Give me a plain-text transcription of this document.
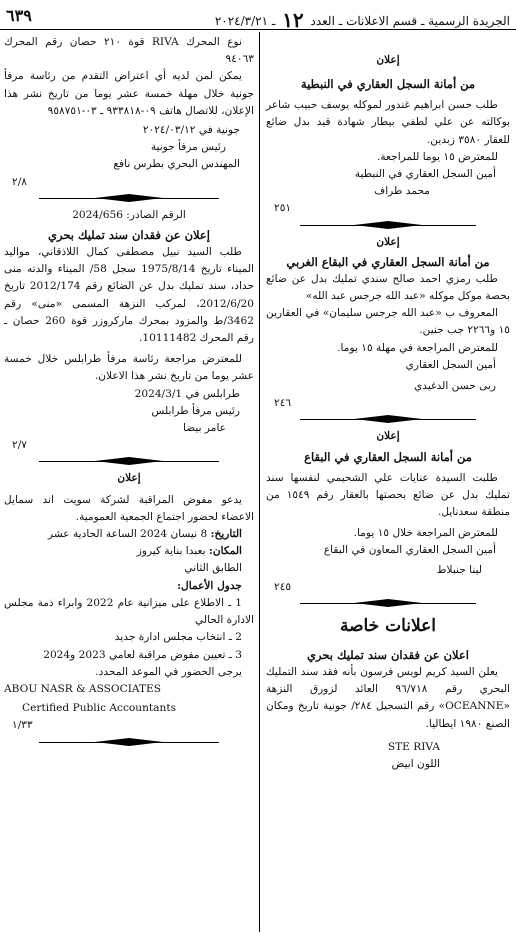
٦٣٩	الجريدة الرسمية ـ قسم الاعلانات ـ العدد ١٢ ـ ٢٠٢٤/٣/٢١

إعلان

من أمانة السجل العقاري في النبطية

طلب حسن ابراهيم غندور لموكله يوسف حبيب شاعر بوكالته عن علي لطفي بيطار شهادة قيد بدل ضائع للعقار ٣٥٨٠ زبدين.

للمعترض ١٥ يوما للمراجعة.

أمين السجل العقاري في النبطية

محمد طراف

٢٥١

إعلان

من أمانة السجل العقاري في البقاع الغربي

طلب رمزي احمد صالح سندي تمليك بدل عن ضائع بحصة موكل موكله «عبد الله جرجس عبد الله»

المعروف ب «عبد الله جرجس سليمان» في العقارين ١٥ و٢٢٦٦ جب جنين.

للمعترض المراجعة في مهلة ١٥ يوما.

أمين السجل العقاري

ربى حسن الدغيدي

٢٤٦

إعلان

من أمانة السجل العقاري في البقاع

طلبت السيدة عنايات علي الشحيمي لنفسها سند تمليك بدل عن ضائع بحصتها بالعقار رقم ١٥٤٩ من منطقة سعدنايل.

للمعترض المراجعة خلال ١٥ يوما.

أمين السجل العقاري المعاون في البقاع

لينا جنبلاط

٢٤٥

اعلانات خاصة

اعلان عن فقدان سند تمليك بحري

يعلن السيد كريم لويس فرسون بأنه فقد سند التمليك البحري رقم ٩٦/٧١٨ العائد لزورق النزهة «OCEANNE» رقم التسجيل ٢٨٤/ جونية تاريخ ومكان الصنع ١٩٨٠ ايطاليا.

STE RIVA

اللون ابيض

نوع المحرك RIVA قوة ٢١٠ حصان رقم المحرك ٩٤٠٦٣

يمكن لمن لديه أي اعتراض التقدم من رئاسة مرفأ جونية خلال مهلة خمسة عشر يوما من تاريخ نشر هذا الإعلان، للاتصال هاتف ٠٩-٩٣٣٨١٨ ـ ٠٣-٩٥٨٧٥١

جونية في ٢٠٢٤/٠٣/١٢

رئيس مرفأ جونية

المهندس البحري بطرس نافع

٢/٨

الرقم الصادر: 2024/656

إعلان عن فقدان سند تمليك بحري

طلب السيد نبيل مصطفى كمال اللاذقاني، مواليد الميناء تاريخ 1975/8/14 سجل 58/ الميناء والدته منى حداد، سند تمليك بدل عن الضائع رقم 2012/174 تاريخ 2012/6/20، لمركب النزهة المسمى «منى» رقم 3462/ط والمزود بمحرك ماركروزر قوة 260 حصان ـ رقم المحرك 10111482.

للمعترض مراجعة رئاسة مرفأ طرابلس خلال خمسة عشر يوما من تاريخ نشر هذا الاعلان.

طرابلس في 2024/3/1

رئيس مرفأ طرابلس

عامر بيضا

٢/٧

إعلان

يدعو مفوض المراقبة لشركة سويت اند سمايل الاعضاء لحضور اجتماع الجمعية العمومية.

التاريخ: 8 نيسان 2024 الساعة الحادية عشر

المكان: بعبدا بناية كيروز

الطابق الثاني

جدول الأعمال:

1 ـ الاطلاع على ميزانية عام 2022 وابراء ذمة مجلس الادارة الحالي

2 ـ انتخاب مجلس ادارة جديد

3 ـ تعيين مفوض مراقبة لعامي 2023 و2024

يرجى الحضور في الموعد المحدد.

ABOU NASR & ASSOCIATES

Certified Public Accountants

١/٣٣
